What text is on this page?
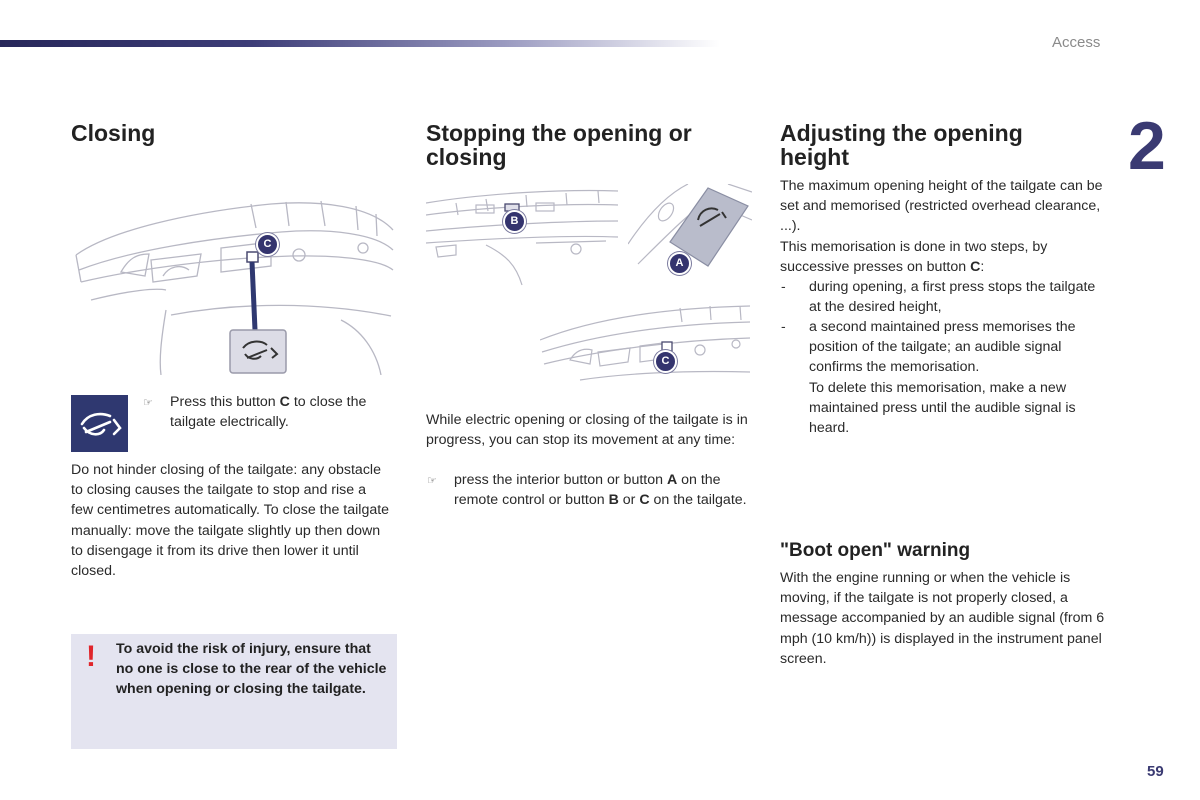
Access
2
59
Closing
C
☞ Press this button C to close the tailgate electrically.

Do not hinder closing of the tailgate: any obstacle to closing causes the tailgate to stop and rise a few centimetres automatically. To close the tailgate manually: move the tailgate slightly up then down to disengage it from its drive then lower it until closed.

! To avoid the risk of injury, ensure that no one is close to the rear of the vehicle when opening or closing the tailgate.

Stopping the opening or closing
B
A
C

While electric opening or closing of the tailgate is in progress, you can stop its movement at any time:

☞ press the interior button or button A on the remote control or button B or C on the tailgate.

Adjusting the opening height

The maximum opening height of the tailgate can be set and memorised (restricted overhead clearance, ...).

This memorisation is done in two steps, by successive presses on button C:

- during opening, a first press stops the tailgate at the desired height,

- a second maintained press memorises the position of the tailgate; an audible signal confirms the memorisation.

To delete this memorisation, make a new maintained press until the audible signal is heard.

"Boot open" warning

With the engine running or when the vehicle is moving, if the tailgate is not properly closed, a message accompanied by an audible signal (from 6 mph (10 km/h)) is displayed in the instrument panel screen.
